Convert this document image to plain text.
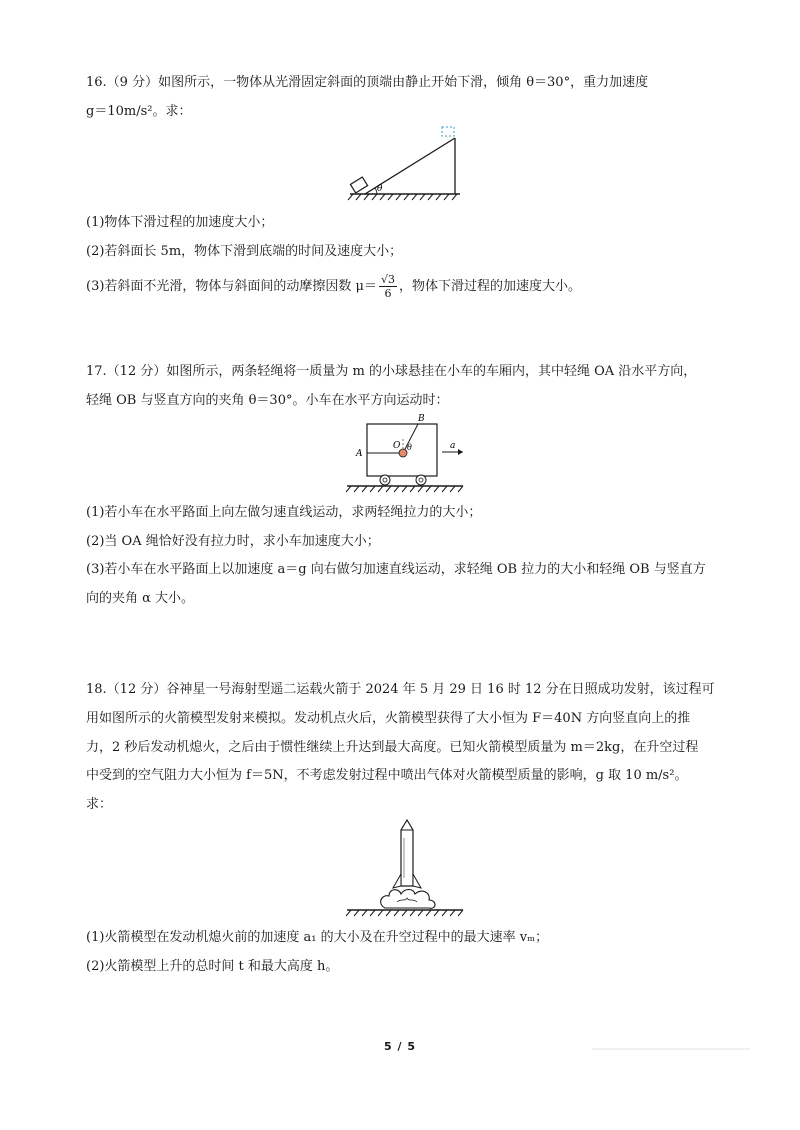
16.（9 分）如图所示，一物体从光滑固定斜面的顶端由静止开始下滑，倾角 θ＝30°，重力加速度
g＝10m/s²。求：
θ
(1)物体下滑过程的加速度大小；
(2)若斜面长 5m，物体下滑到底端的时间及速度大小；
(3)若斜面不光滑，物体与斜面间的动摩擦因数 $\mu= \frac{√3}{6}$ ，物体下滑过程的加速度大小。
17.（12 分）如图所示，两条轻绳将一质量为 m 的小球悬挂在小车的车厢内，其中轻绳 OA 沿水平方向，
轻绳 OB 与竖直方向的夹角 θ＝30°。小车在水平方向运动时：
A
B
O θ	a
(1)若小车在水平路面上向左做匀速直线运动，求两轻绳拉力的大小；
(2)当 OA 绳恰好没有拉力时，求小车加速度大小；
(3)若小车在水平路面上以加速度 a＝g 向右做匀加速直线运动，求轻绳 OB 拉力的大小和轻绳 OB 与竖直方
向的夹角 α 大小。
18.（12 分）谷神星一号海射型遥二运载火箭于 2024 年 5 月 29 日 16 时 12 分在日照成功发射，该过程可
用如图所示的火箭模型发射来模拟。发动机点火后，火箭模型获得了大小恒为 F＝40N 方向竖直向上的推
力，2 秒后发动机熄火，之后由于惯性继续上升达到最大高度。已知火箭模型质量为 m＝2kg，在升空过程
中受到的空气阻力大小恒为 f＝5N，不考虑发射过程中喷出气体对火箭模型质量的影响，g 取 10 m/s²。
求：
(1)火箭模型在发动机熄火前的加速度 a₁ 的大小及在升空过程中的最大速率 vₘ；
(2)火箭模型上升的总时间 t 和最大高度 h。
5 / 5
